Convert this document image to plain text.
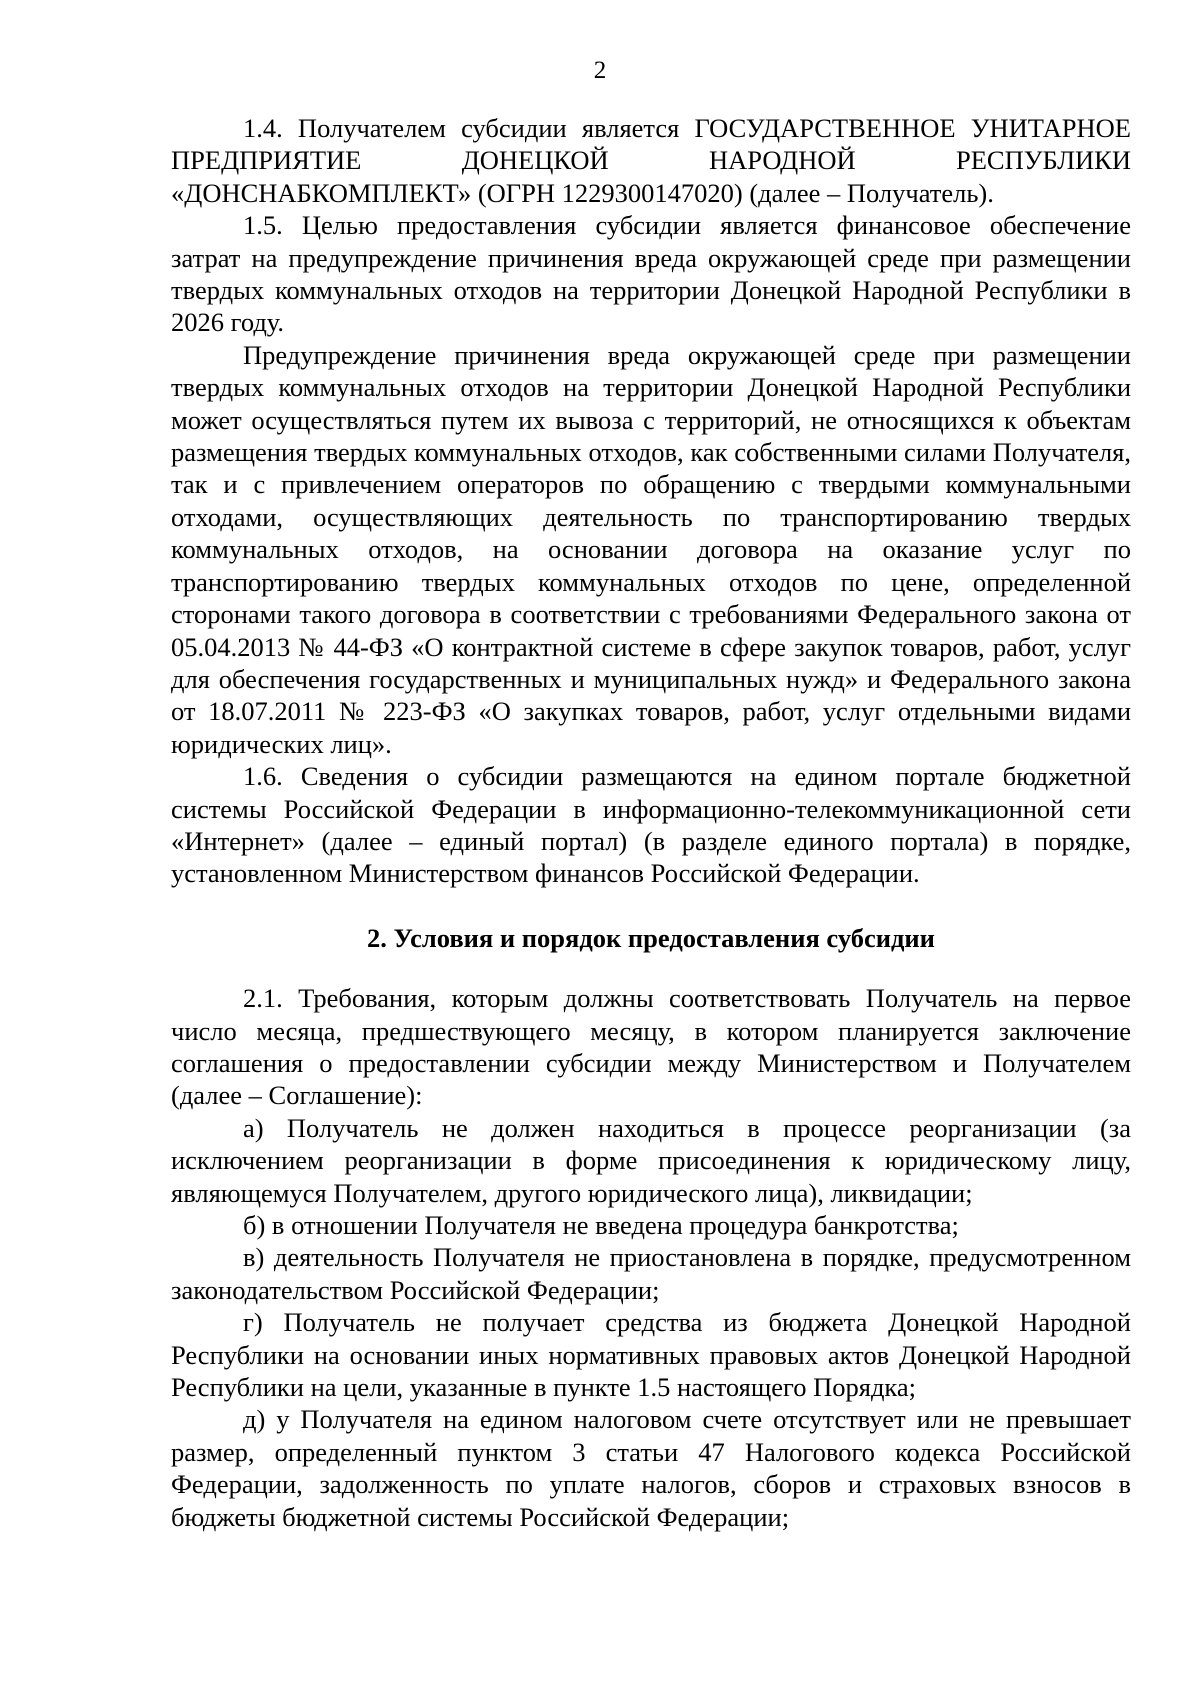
2

1.4. Получателем субсидии является ГОСУДАРСТВЕННОЕ УНИТАРНОЕ ПРЕДПРИЯТИЕ ДОНЕЦКОЙ НАРОДНОЙ РЕСПУБЛИКИ «ДОНСНАБКОМПЛЕКТ» (ОГРН 1229300147020) (далее – Получатель).

1.5. Целью предоставления субсидии является финансовое обеспечение затрат на предупреждение причинения вреда окружающей среде при размещении твердых коммунальных отходов на территории Донецкой Народной Республики в 2026 году.

Предупреждение причинения вреда окружающей среде при размещении твердых коммунальных отходов на территории Донецкой Народной Республики может осуществляться путем их вывоза с территорий, не относящихся к объектам размещения твердых коммунальных отходов, как собственными силами Получателя, так и с привлечением операторов по обращению с твердыми коммунальными отходами, осуществляющих деятельность по транспортированию твердых коммунальных отходов, на основании договора на оказание услуг по транспортированию твердых коммунальных отходов по цене, определенной сторонами такого договора в соответствии с требованиями Федерального закона от 05.04.2013 № 44-ФЗ «О контрактной системе в сфере закупок товаров, работ, услуг для обеспечения государственных и муниципальных нужд» и Федерального закона от 18.07.2011 № 223-ФЗ «О закупках товаров, работ, услуг отдельными видами юридических лиц».

1.6. Сведения о субсидии размещаются на едином портале бюджетной системы Российской Федерации в информационно-телекоммуникационной сети «Интернет» (далее – единый портал) (в разделе единого портала) в порядке, установленном Министерством финансов Российской Федерации.

2. Условия и порядок предоставления субсидии

2.1. Требования, которым должны соответствовать Получатель на первое число месяца, предшествующего месяцу, в котором планируется заключение соглашения о предоставлении субсидии между Министерством и Получателем (далее – Соглашение):

а) Получатель не должен находиться в процессе реорганизации (за исключением реорганизации в форме присоединения к юридическому лицу, являющемуся Получателем, другого юридического лица), ликвидации;

б) в отношении Получателя не введена процедура банкротства;

в) деятельность Получателя не приостановлена в порядке, предусмотренном законодательством Российской Федерации;

г) Получатель не получает средства из бюджета Донецкой Народной Республики на основании иных нормативных правовых актов Донецкой Народной Республики на цели, указанные в пункте 1.5 настоящего Порядка;

д) у Получателя на едином налоговом счете отсутствует или не превышает размер, определенный пунктом 3 статьи 47 Налогового кодекса Российской Федерации, задолженность по уплате налогов, сборов и страховых взносов в бюджеты бюджетной системы Российской Федерации;
